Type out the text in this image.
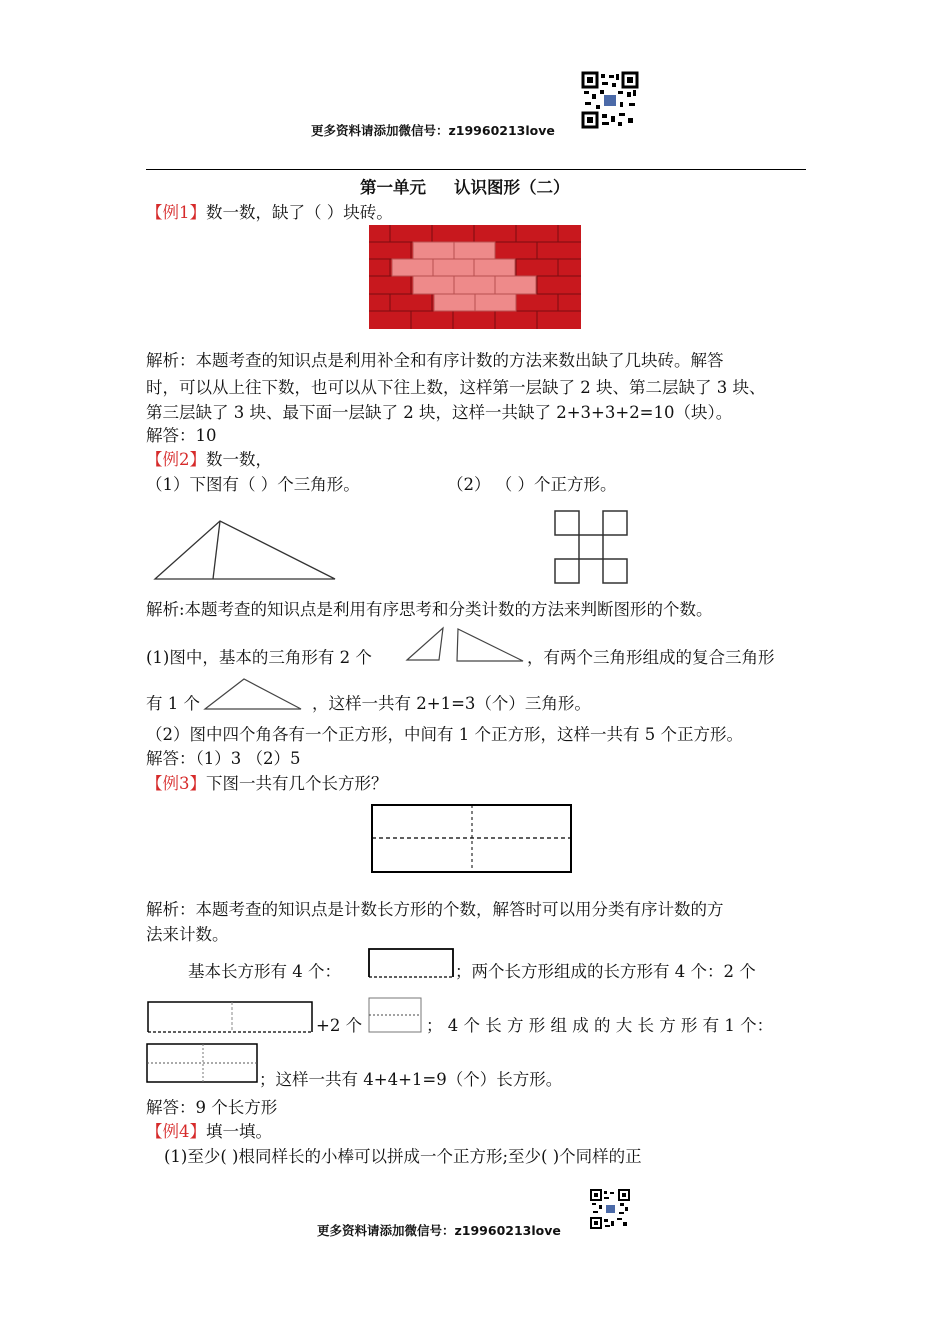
更多资料请添加微信号：z19960213love
第一单元 认识图形（二）
【例1】数一数，缺了（ ）块砖。
解析：本题考查的知识点是利用补全和有序计数的方法来数出缺了几块砖。解答
时，可以从上往下数，也可以从下往上数，这样第一层缺了 2 块、第二层缺了 3 块、
第三层缺了 3 块、最下面一层缺了 2 块，这样一共缺了 2+3+3+2=10（块）。
解答：10
【例2】数一数，
（1）下图有（ ）个三角形。	（2） （ ）个正方形。
解析:本题考查的知识点是利用有序思考和分类计数的方法来判断图形的个数。
(1)图中，基本的三角形有 2 个	，有两个三角形组成的复合三角形
有 1 个	，这样一共有 2+1=3（个）三角形。
（2）图中四个角各有一个正方形，中间有 1 个正方形，这样一共有 5 个正方形。
解答：（1）3 （2）5
【例3】下图一共有几个长方形？
解析：本题考查的知识点是计数长方形的个数，解答时可以用分类有序计数的方
法来计数。
基本长方形有 4 个：	；两个长方形组成的长方形有 4 个：2 个
+2 个	； 4 个 长 方 形 组 成 的 大 长 方 形 有 1 个：
；这样一共有 4+4+1=9（个）长方形。
解答：9 个长方形
【例4】填一填。
(1)至少( )根同样长的小棒可以拼成一个正方形;至少( )个同样的正
更多资料请添加微信号：z19960213love
